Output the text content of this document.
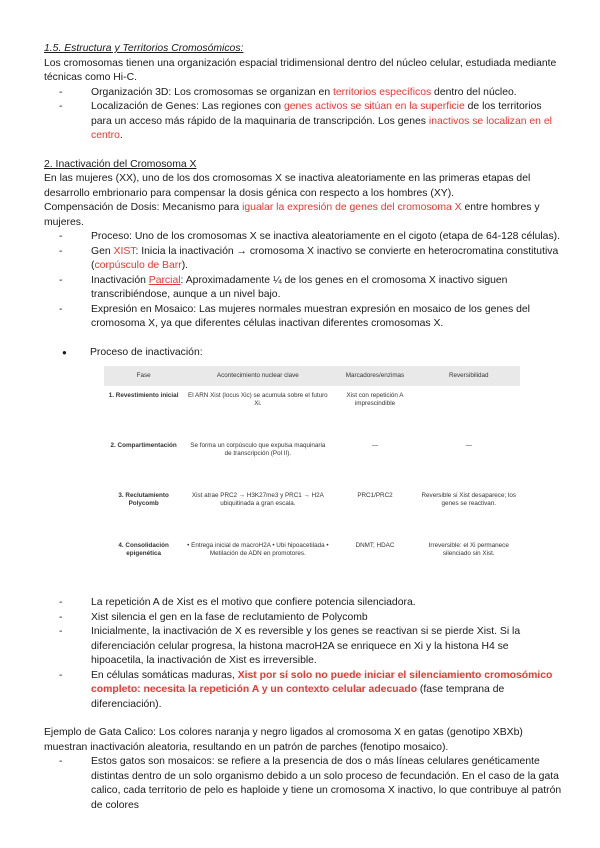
1.5. Estructura y Territorios Cromosómicos:

Los cromosomas tienen una organización espacial tridimensional dentro del núcleo celular, estudiada mediante técnicas como Hi-C.

- Organización 3D: Los cromosomas se organizan en territorios específicos dentro del núcleo.
- Localización de Genes: Las regiones con genes activos se sitúan en la superficie de los territorios para un acceso más rápido de la maquinaria de transcripción. Los genes inactivos se localizan en el centro.

2. Inactivación del Cromosoma X

En las mujeres (XX), uno de los dos cromosomas X se inactiva aleatoriamente en las primeras etapas del desarrollo embrionario para compensar la dosis génica con respecto a los hombres (XY).

Compensación de Dosis: Mecanismo para igualar la expresión de genes del cromosoma X entre hombres y mujeres.

- Proceso: Uno de los cromosomas X se inactiva aleatoriamente en el cigoto (etapa de 64-128 células).
- Gen XIST: Inicia la inactivación → cromosoma X inactivo se convierte en heterocromatina constitutiva (corpúsculo de Barr).
- Inactivación Parcial: Aproximadamente ¼ de los genes en el cromosoma X inactivo siguen transcribiéndose, aunque a un nivel bajo.
- Expresión en Mosaico: Las mujeres normales muestran expresión en mosaico de los genes del cromosoma X, ya que diferentes células inactivan diferentes cromosomas X.

● Proceso de inactivación:

Fase	Acontecimiento nuclear clave	Marcadores/enzimas	Reversibilidad
1. Revestimiento inicial	El ARN Xist (locus Xic) se acumula sobre el futuro Xi.	Xist con repetición A imprescindible	
2. Compartimentación	Se forma un corpúsculo que expulsa maquinaria de transcripción (Pol II).	—	—
3. Reclutamiento Polycomb	Xist atrae PRC2 → H3K27me3 y PRC1 → H2A ubiquitinada a gran escala.	PRC1/PRC2	Reversible si Xist desaparece; los genes se reactivan.
4. Consolidación epigenética	• Entrega inicial de macroH2A • Ubi hipoacetilada • Metilación de ADN en promotores.	DNMT; HDAC	Irreversible: el Xi permanece silenciado sin Xist.
- La repetición A de Xist es el motivo que confiere potencia silenciadora.
- Xist silencia el gen en la fase de reclutamiento de Polycomb
- Inicialmente, la inactivación de X es reversible y los genes se reactivan si se pierde Xist. Si la diferenciación celular progresa, la histona macroH2A se enriquece en Xi y la histona H4 se hipoacetila, la inactivación de Xist es irreversible.
- En células somáticas maduras, Xist por sí solo no puede iniciar el silenciamiento cromosómico completo: necesita la repetición A y un contexto celular adecuado (fase temprana de diferenciación).

Ejemplo de Gata Calico: Los colores naranja y negro ligados al cromosoma X en gatas (genotipo XBXb) muestran inactivación aleatoria, resultando en un patrón de parches (fenotipo mosaico).

- Estos gatos son mosaicos: se refiere a la presencia de dos o más líneas celulares genéticamente distintas dentro de un solo organismo debido a un solo proceso de fecundación. En el caso de la gata calico, cada territorio de pelo es haploide y tiene un cromosoma X inactivo, lo que contribuye al patrón de colores
